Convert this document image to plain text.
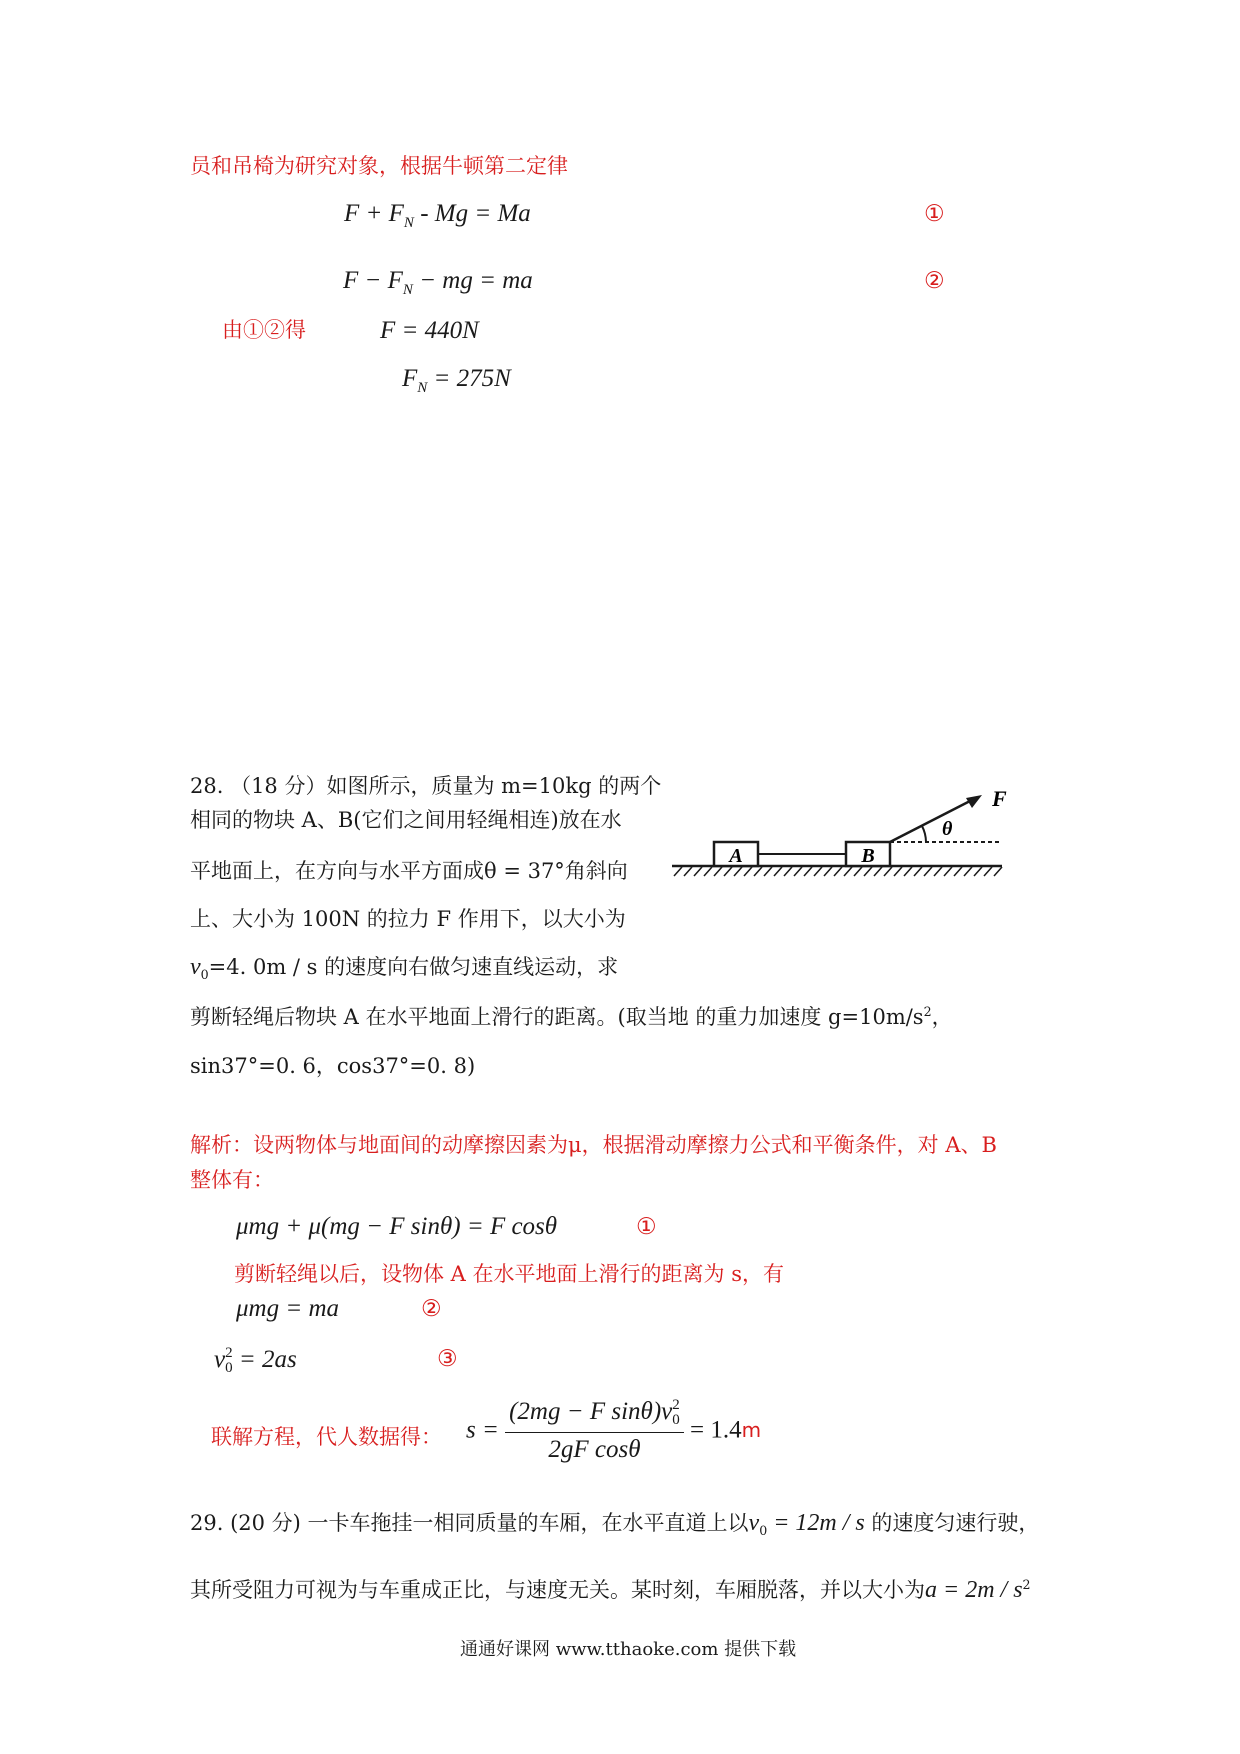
员和吊椅为研究对象，根据牛顿第二定律
$F + F_N - Mg = Ma$	①
$F - F_N$ − mg = ma	②
由①②得	F = 440N
$F_N = 275N$
28. （18 分）如图所示，质量为 m=10kg 的两个
相同的物块 A、B(它们之间用轻绳相连)放在水
平地面上，在方向与水平方面成θ = 37°角斜向
上、大小为 100N 的拉力 F 作用下，以大小为
$v_0=4$. 0m / s 的速度向右做匀速直线运动，求
剪断轻绳后物块 A 在水平地面上滑行的距离。(取当地 的重力加速度 $g=10m/s^2$，
sin37°=0. 6，cos37°=0. 8)
A	B
F
θ
解析：设两物体与地面间的动摩擦因素为μ，根据滑动摩擦力公式和平衡条件，对 A、B
整体有：
μmg + μ(mg − F sinθ) = F cosθ	①
剪断轻绳以后，设物体 A 在水平地面上滑行的距离为 s，有
μmg = ma	②
v 2
0 = 2as	③
联解方程，代人数据得： s = (2mg − F sinθ)v 2
0
2gF cosθ = 1.4m
29. (20 分) 一卡车拖挂一相同质量的车厢，在水平直道上以$v_0 = 12m / s$ 的速度匀速行驶，
其所受阻力可视为与车重成正比，与速度无关。某时刻，车厢脱落，并以大小为$a = 2m / s^2$
通通好课网 www.tthaoke.com 提供下载
